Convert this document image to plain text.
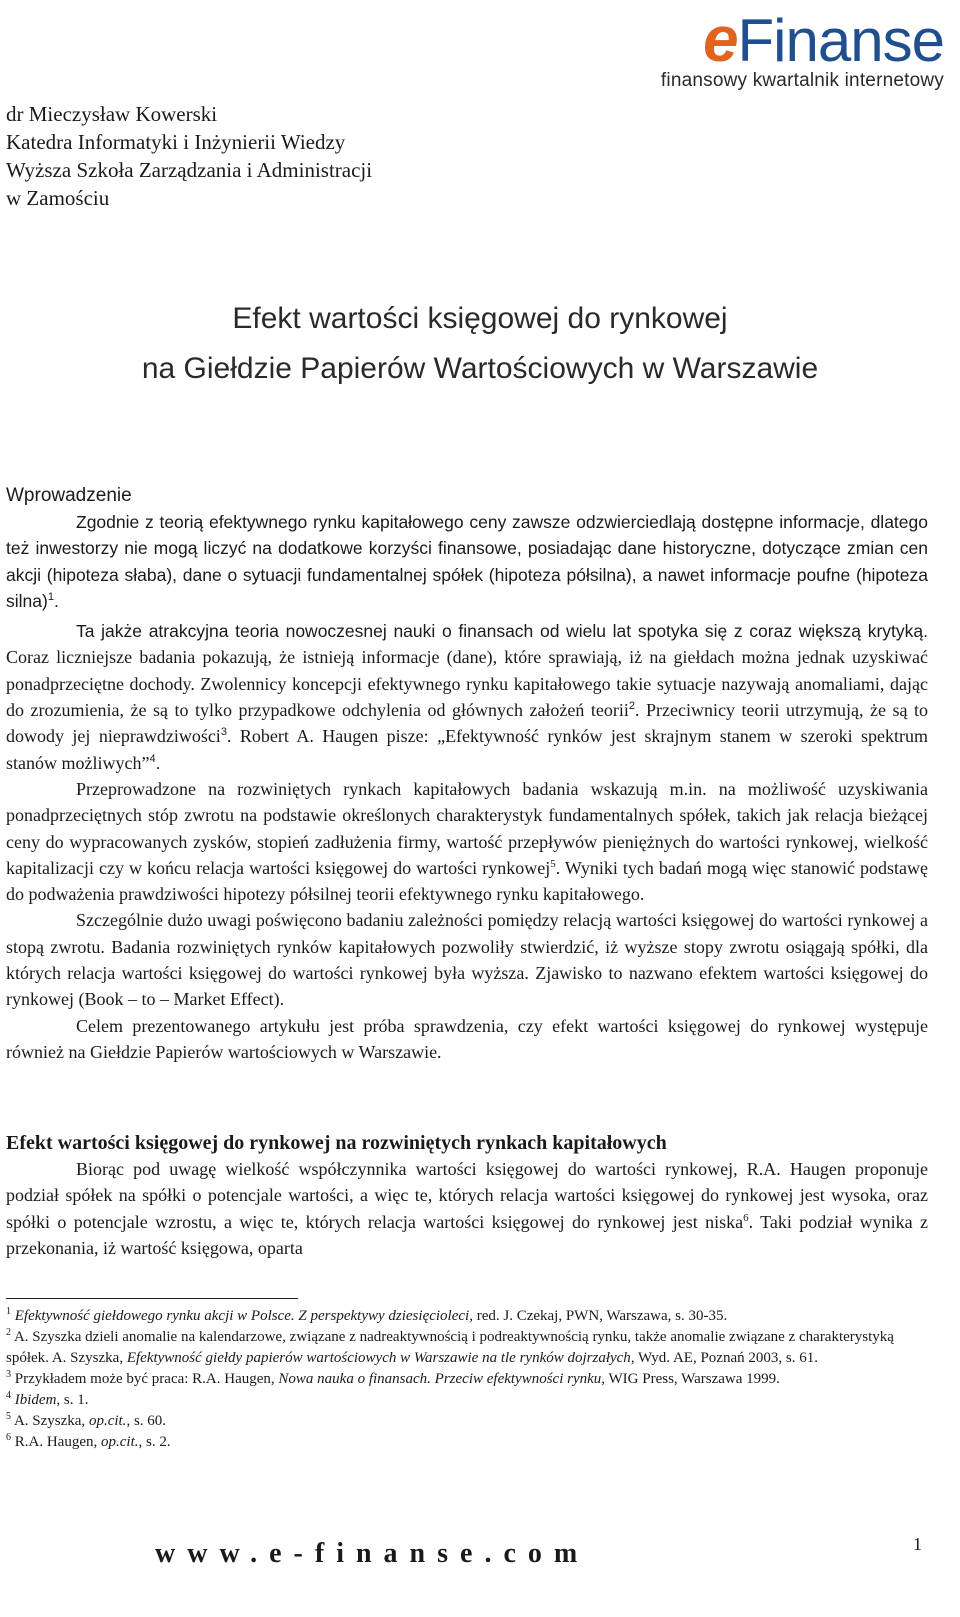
eFinanse
finansowy kwartalnik internetowy
dr Mieczysław Kowerski
Katedra Informatyki i Inżynierii Wiedzy
Wyższa Szkoła Zarządzania i Administracji
w Zamościu
Efekt wartości księgowej do rynkowej
na Giełdzie Papierów Wartościowych w Warszawie
Wprowadzenie

Zgodnie z teorią efektywnego rynku kapitałowego ceny zawsze odzwierciedlają dostępne informacje, dlatego też inwestorzy nie mogą liczyć na dodatkowe korzyści finansowe, posiadając dane historyczne, dotyczące zmian cen akcji (hipoteza słaba), dane o sytuacji fundamentalnej spółek (hipoteza półsilna), a nawet informacje poufne (hipoteza silna)$^1$.

Ta jakże atrakcyjna teoria nowoczesnej nauki o finansach od wielu lat spotyka się z coraz większą krytyką. Coraz liczniejsze badania pokazują, że istnieją informacje (dane), które sprawiają, iż na giełdach można jednak uzyskiwać ponadprzeciętne dochody. Zwolennicy koncepcji efektywnego rynku kapitałowego takie sytuacje nazywają anomaliami, dając do zrozumienia, że są to tylko przypadkowe odchylenia od głównych założeń teorii$^2$. Przeciwnicy teorii utrzymują, że są to dowody jej nieprawdziwości$^3$. Robert A. Haugen pisze: „Efektywność rynków jest skrajnym stanem w szeroki spektrum stanów możliwych”$^4$.

Przeprowadzone na rozwiniętych rynkach kapitałowych badania wskazują m.in. na możliwość uzyskiwania ponadprzeciętnych stóp zwrotu na podstawie określonych charakterystyk fundamentalnych spółek, takich jak relacja bieżącej ceny do wypracowanych zysków, stopień zadłużenia firmy, wartość przepływów pieniężnych do wartości rynkowej, wielkość kapitalizacji czy w końcu relacja wartości księgowej do wartości rynkowej$^5$. Wyniki tych badań mogą więc stanowić podstawę do podważenia prawdziwości hipotezy półsilnej teorii efektywnego rynku kapitałowego.

Szczególnie dużo uwagi poświęcono badaniu zależności pomiędzy relacją wartości księgowej do wartości rynkowej a stopą zwrotu. Badania rozwiniętych rynków kapitałowych pozwoliły stwierdzić, iż wyższe stopy zwrotu osiągają spółki, dla których relacja wartości księgowej do wartości rynkowej była wyższa. Zjawisko to nazwano efektem wartości księgowej do rynkowej (Book – to – Market Effect).

Celem prezentowanego artykułu jest próba sprawdzenia, czy efekt wartości księgowej do rynkowej występuje również na Giełdzie Papierów wartościowych w Warszawie.

Efekt wartości księgowej do rynkowej na rozwiniętych rynkach kapitałowych

Biorąc pod uwagę wielkość współczynnika wartości księgowej do wartości rynkowej, R.A. Haugen proponuje podział spółek na spółki o potencjale wartości, a więc te, których relacja wartości księgowej do rynkowej jest wysoka, oraz spółki o potencjale wzrostu, a więc te, których relacja wartości księgowej do rynkowej jest niska$^6$. Taki podział wynika z przekonania, iż wartość księgowa, oparta

$^1$ Efektywność giełdowego rynku akcji w Polsce. Z perspektywy dziesięcioleci, red. J. Czekaj, PWN, Warszawa, s. 30-35.

$^2$ A. Szyszka dzieli anomalie na kalendarzowe, związane z nadreaktywnością i podreaktywnością rynku, także anomalie związane z charakterystyką spółek. A. Szyszka, Efektywność giełdy papierów wartościowych w Warszawie na tle rynków dojrzałych, Wyd. AE, Poznań 2003, s. 61.

$^3$ Przykładem może być praca: R.A. Haugen, Nowa nauka o finansach. Przeciw efektywności rynku, WIG Press, Warszawa 1999.

$^4$ Ibidem, s. 1.

$^5$ A. Szyszka, op.cit., s. 60.

$^6$ R.A. Haugen, op.cit., s. 2.

www.e-finanse.com	1
